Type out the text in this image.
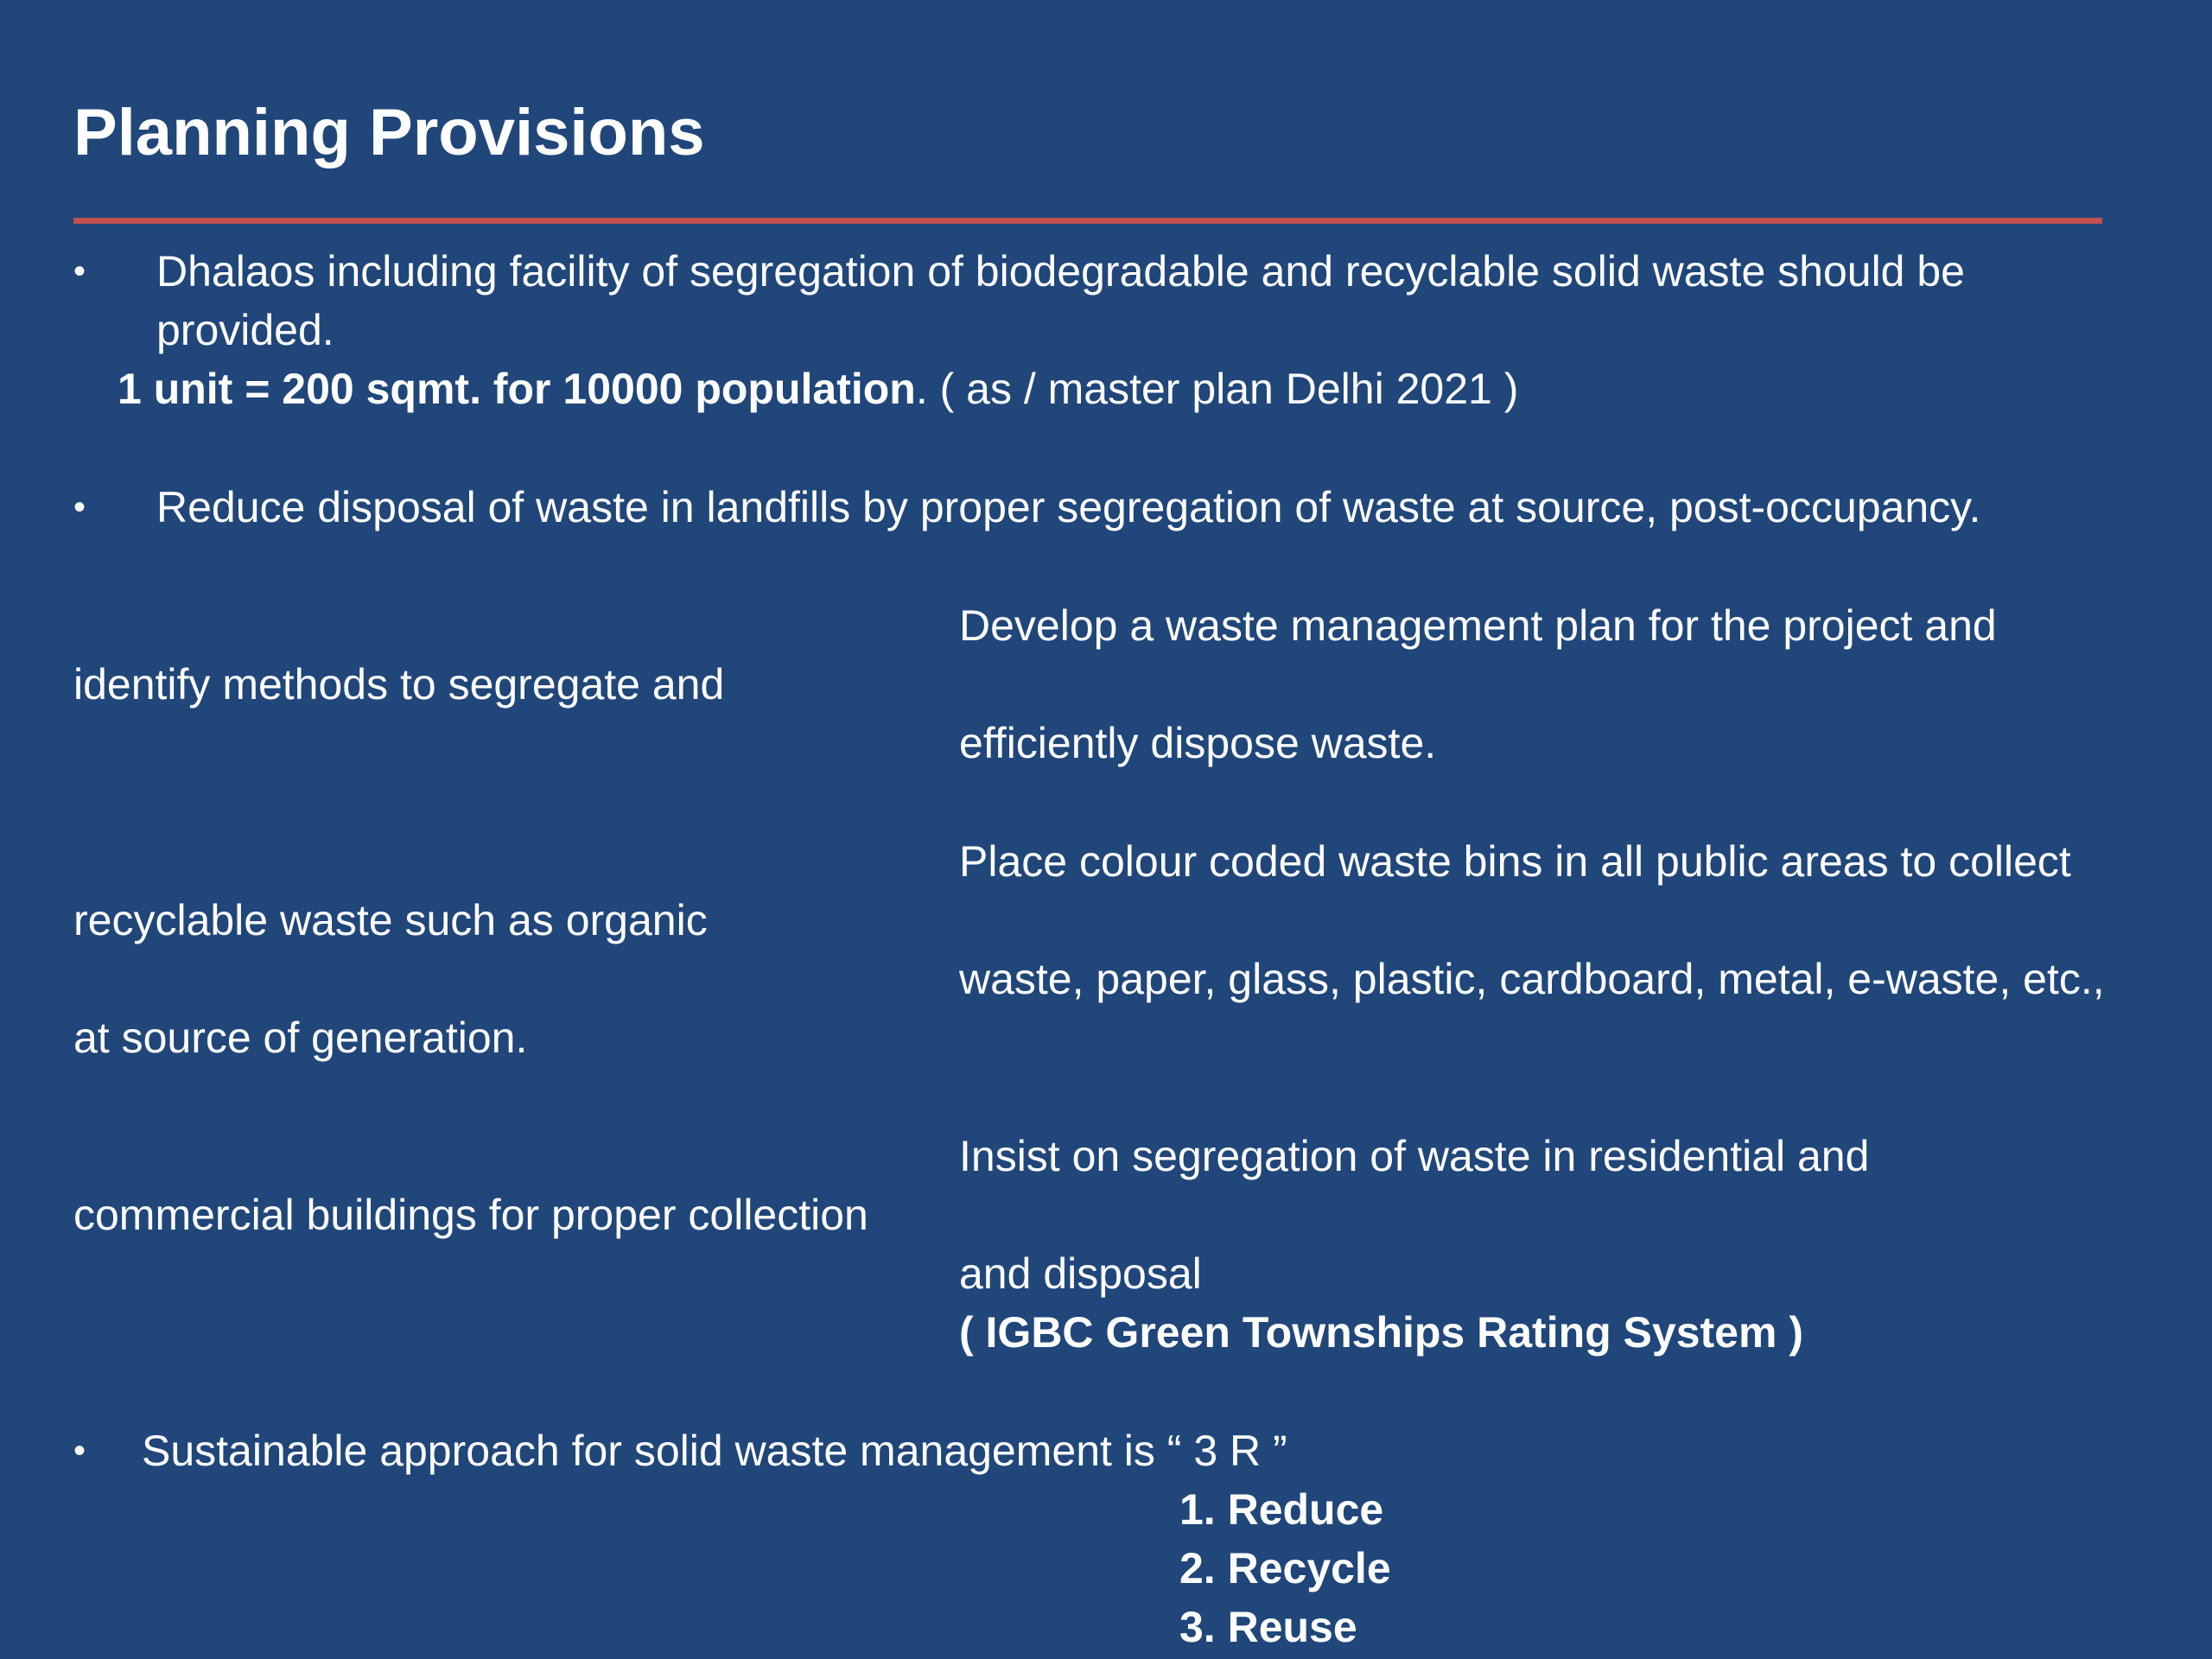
Planning Provisions
• Dhalaos including facility of segregation of biodegradable and recyclable solid waste should be
provided.
1 unit = 200 sqmt. for 10000 population. ( as / master plan Delhi 2021 )
• Reduce disposal of waste in landfills by proper segregation of waste at source, post-occupancy.
Develop a waste management plan for the project and
identify methods to segregate and
efficiently dispose waste.
Place colour coded waste bins in all public areas to collect
recyclable waste such as organic
waste, paper, glass, plastic, cardboard, metal, e-waste, etc.,
at source of generation.
Insist on segregation of waste in residential and
commercial buildings for proper collection
and disposal
( IGBC Green Townships Rating System )
• Sustainable approach for solid waste management is “ 3 R ”
1. Reduce
2. Recycle
3. Reuse
